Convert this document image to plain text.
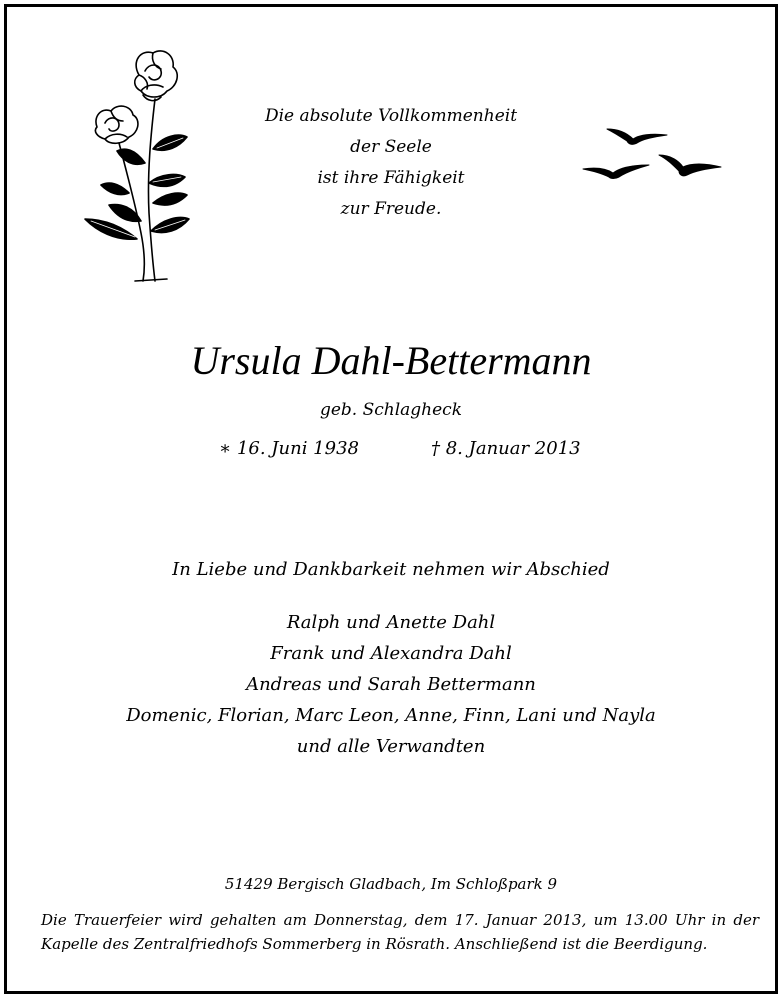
Die absolute Vollkommenheit
der Seele
ist ihre Fähigkeit
zur Freude.
Ursula Dahl-Bettermann
geb. Schlagheck
∗ 16. Juni 1938	† 8. Januar 2013
In Liebe und Dankbarkeit nehmen wir Abschied
Ralph und Anette Dahl
Frank und Alexandra Dahl
Andreas und Sarah Bettermann
Domenic, Florian, Marc Leon, Anne, Finn, Lani und Nayla
und alle Verwandten
51429 Bergisch Gladbach, Im Schloßpark 9
Die Trauerfeier wird gehalten am Donnerstag, dem 17. Januar 2013, um 13.00 Uhr in der Kapelle des Zentralfriedhofs Sommerberg in Rösrath. Anschließend ist die Beerdigung.
